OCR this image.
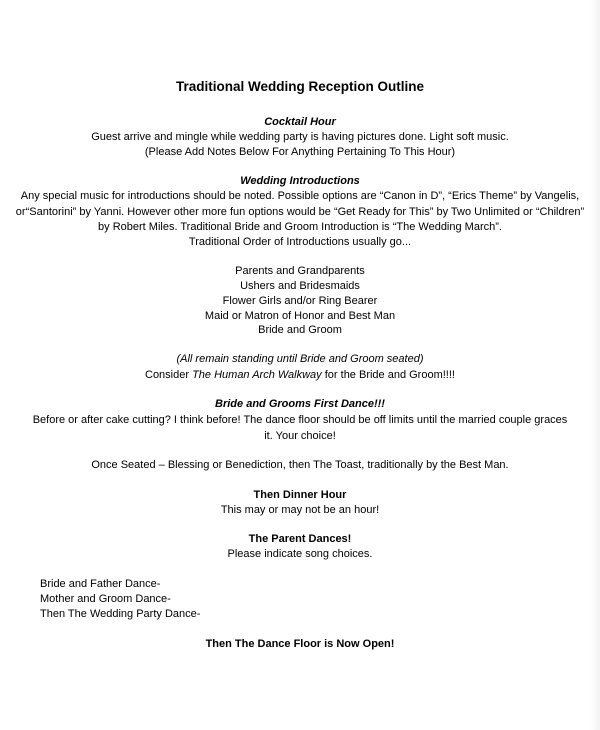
Traditional Wedding Reception Outline
Cocktail Hour
Guest arrive and mingle while wedding party is having pictures done. Light soft music.
(Please Add Notes Below For Anything Pertaining To This Hour)
Wedding Introductions
Any special music for introductions should be noted. Possible options are “Canon in D”, “Erics Theme” by Vangelis,
or“Santorini” by Yanni. However other more fun options would be “Get Ready for This” by Two Unlimited or “Children”
by Robert Miles. Traditional Bride and Groom Introduction is “The Wedding March”.
Traditional Order of Introductions usually go...
Parents and Grandparents
Ushers and Bridesmaids
Flower Girls and/or Ring Bearer
Maid or Matron of Honor and Best Man
Bride and Groom
(All remain standing until Bride and Groom seated)
Consider The Human Arch Walkway for the Bride and Groom!!!!
Bride and Grooms First Dance!!!
Before or after cake cutting? I think before! The dance floor should be off limits until the married couple graces
it. Your choice!
Once Seated – Blessing or Benediction, then The Toast, traditionally by the Best Man.
Then Dinner Hour
This may or may not be an hour!
The Parent Dances!
Please indicate song choices.
Bride and Father Dance-
Mother and Groom Dance-
Then The Wedding Party Dance-
Then The Dance Floor is Now Open!
